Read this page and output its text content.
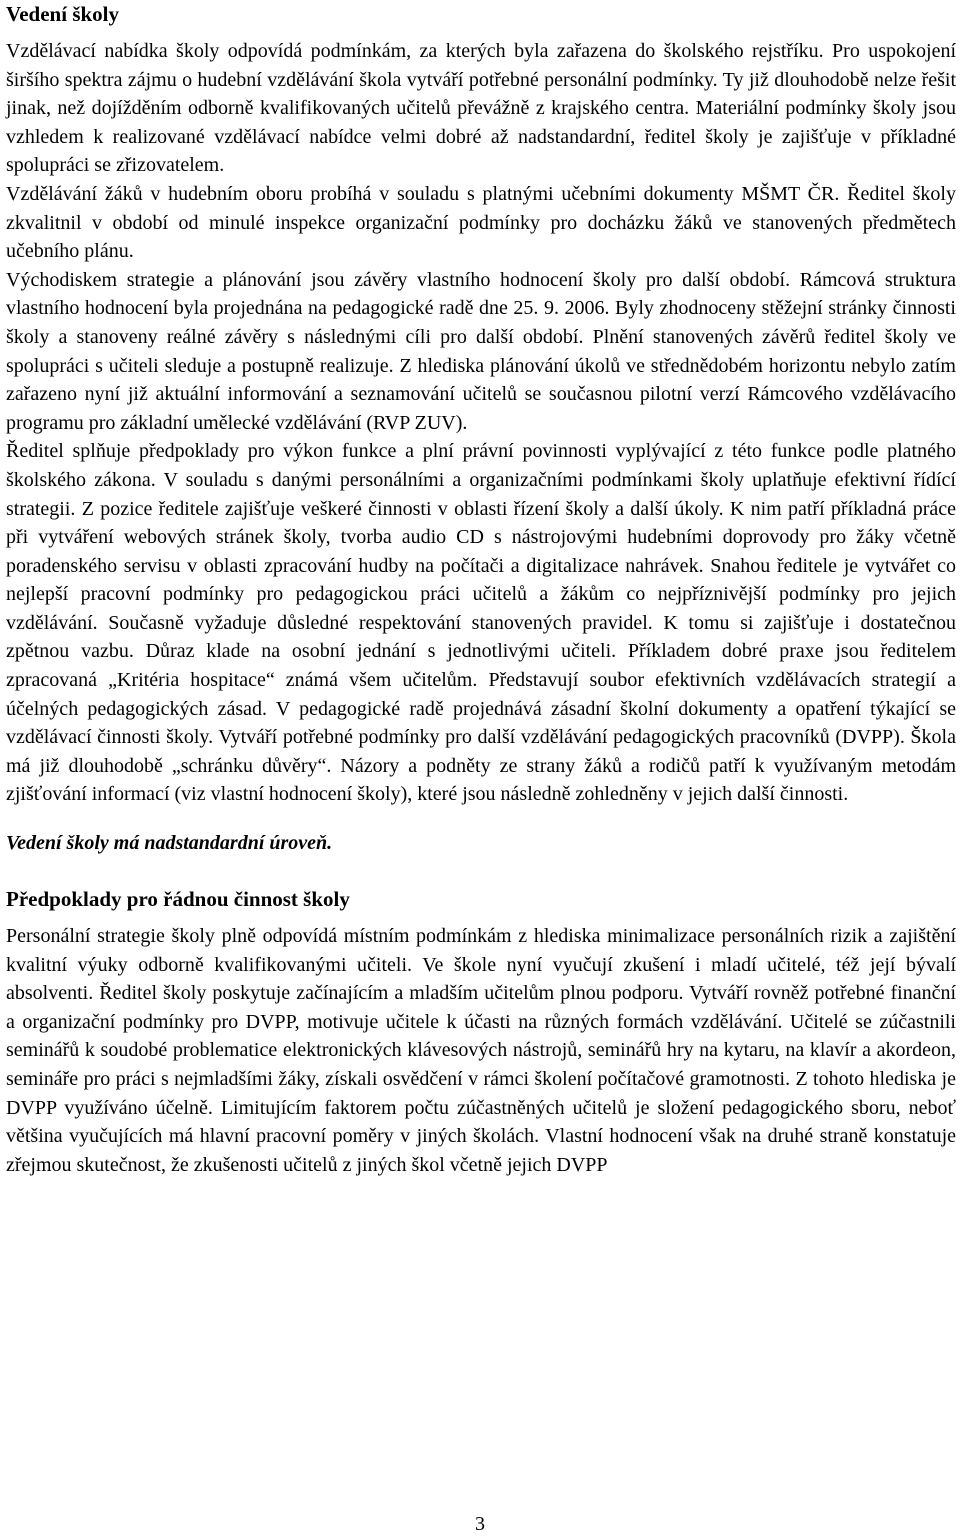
Vedení školy

Vzdělávací nabídka školy odpovídá podmínkám, za kterých byla zařazena do školského rejstříku. Pro uspokojení širšího spektra zájmu o hudební vzdělávání škola vytváří potřebné personální podmínky. Ty již dlouhodobě nelze řešit jinak, než dojížděním odborně kvalifikovaných učitelů převážně z krajského centra. Materiální podmínky školy jsou vzhledem k realizované vzdělávací nabídce velmi dobré až nadstandardní, ředitel školy je zajišťuje v příkladné spolupráci se zřizovatelem.

Vzdělávání žáků v hudebním oboru probíhá v souladu s platnými učebními dokumenty MŠMT ČR. Ředitel školy zkvalitnil v období od minulé inspekce organizační podmínky pro docházku žáků ve stanovených předmětech učebního plánu.

Východiskem strategie a plánování jsou závěry vlastního hodnocení školy pro další období. Rámcová struktura vlastního hodnocení byla projednána na pedagogické radě dne 25. 9. 2006. Byly zhodnoceny stěžejní stránky činnosti školy a stanoveny reálné závěry s následnými cíli pro další období. Plnění stanovených závěrů ředitel školy ve spolupráci s učiteli sleduje a postupně realizuje. Z hlediska plánování úkolů ve střednědobém horizontu nebylo zatím zařazeno nyní již aktuální informování a seznamování učitelů se současnou pilotní verzí Rámcového vzdělávacího programu pro základní umělecké vzdělávání (RVP ZUV).

Ředitel splňuje předpoklady pro výkon funkce a plní právní povinnosti vyplývající z této funkce podle platného školského zákona. V souladu s danými personálními a organizačními podmínkami školy uplatňuje efektivní řídící strategii. Z pozice ředitele zajišťuje veškeré činnosti v oblasti řízení školy a další úkoly. K nim patří příkladná práce při vytváření webových stránek školy, tvorba audio CD s nástrojovými hudebními doprovody pro žáky včetně poradenského servisu v oblasti zpracování hudby na počítači a digitalizace nahrávek. Snahou ředitele je vytvářet co nejlepší pracovní podmínky pro pedagogickou práci učitelů a žákům co nejpříznivější podmínky pro jejich vzdělávání. Současně vyžaduje důsledné respektování stanovených pravidel. K tomu si zajišťuje i dostatečnou zpětnou vazbu. Důraz klade na osobní jednání s jednotlivými učiteli. Příkladem dobré praxe jsou ředitelem zpracovaná „Kritéria hospitace“ známá všem učitelům. Představují soubor efektivních vzdělávacích strategií a účelných pedagogických zásad. V pedagogické radě projednává zásadní školní dokumenty a opatření týkající se vzdělávací činnosti školy. Vytváří potřebné podmínky pro další vzdělávání pedagogických pracovníků (DVPP). Škola má již dlouhodobě „schránku důvěry“. Názory a podněty ze strany žáků a rodičů patří k využívaným metodám zjišťování informací (viz vlastní hodnocení školy), které jsou následně zohledněny v jejich další činnosti.

Vedení školy má nadstandardní úroveň.

Předpoklady pro řádnou činnost školy

Personální strategie školy plně odpovídá místním podmínkám z hlediska minimalizace personálních rizik a zajištění kvalitní výuky odborně kvalifikovanými učiteli. Ve škole nyní vyučují zkušení i mladí učitelé, též její bývalí absolventi. Ředitel školy poskytuje začínajícím a mladším učitelům plnou podporu. Vytváří rovněž potřebné finanční a organizační podmínky pro DVPP, motivuje učitele k účasti na různých formách vzdělávání. Učitelé se zúčastnili seminářů k soudobé problematice elektronických klávesových nástrojů, seminářů hry na kytaru, na klavír a akordeon, semináře pro práci s nejmladšími žáky, získali osvědčení v rámci školení počítačové gramotnosti. Z tohoto hlediska je DVPP využíváno účelně. Limitujícím faktorem počtu zúčastněných učitelů je složení pedagogického sboru, neboť většina vyučujících má hlavní pracovní poměry v jiných školách. Vlastní hodnocení však na druhé straně konstatuje zřejmou skutečnost, že zkušenosti učitelů z jiných škol včetně jejich DVPP

3
